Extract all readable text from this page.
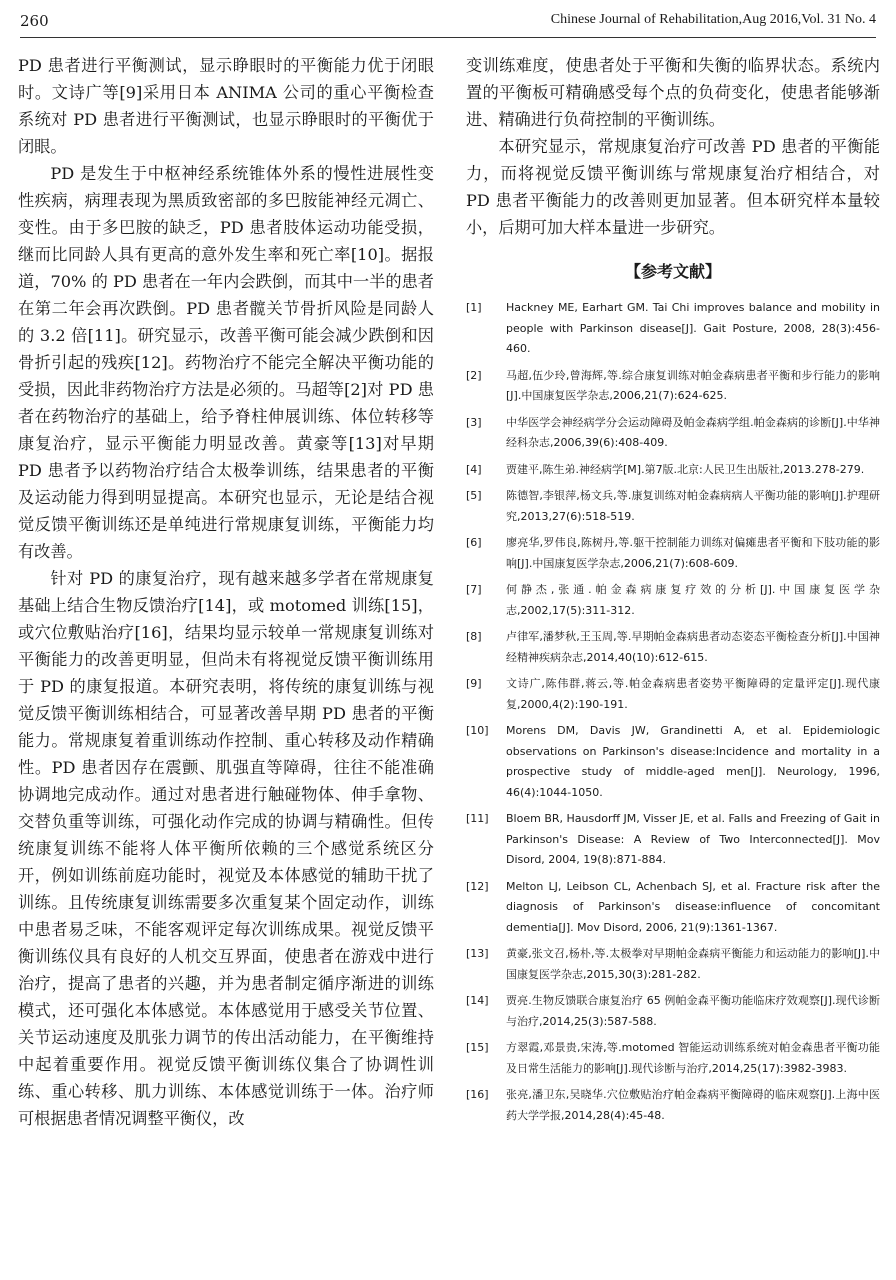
260	Chinese Journal of Rehabilitation,Aug 2016,Vol. 31 No. 4

PD 患者进行平衡测试，显示睁眼时的平衡能力优于闭眼时。文诗广等[9]采用日本 ANIMA 公司的重心平衡检查系统对 PD 患者进行平衡测试，也显示睁眼时的平衡优于闭眼。

PD 是发生于中枢神经系统锥体外系的慢性进展性变性疾病，病理表现为黑质致密部的多巴胺能神经元凋亡、变性。由于多巴胺的缺乏，PD 患者肢体运动功能受损，继而比同龄人具有更高的意外发生率和死亡率[10]。据报道，70% 的 PD 患者在一年内会跌倒，而其中一半的患者在第二年会再次跌倒。PD 患者髋关节骨折风险是同龄人的 3.2 倍[11]。研究显示，改善平衡可能会减少跌倒和因骨折引起的残疾[12]。药物治疗不能完全解决平衡功能的受损，因此非药物治疗方法是必须的。马超等[2]对 PD 患者在药物治疗的基础上，给予脊柱伸展训练、体位转移等康复治疗，显示平衡能力明显改善。黄豪等[13]对早期 PD 患者予以药物治疗结合太极拳训练，结果患者的平衡及运动能力得到明显提高。本研究也显示，无论是结合视觉反馈平衡训练还是单纯进行常规康复训练，平衡能力均有改善。

针对 PD 的康复治疗，现有越来越多学者在常规康复基础上结合生物反馈治疗[14]，或 motomed 训练[15]，或穴位敷贴治疗[16]，结果均显示较单一常规康复训练对平衡能力的改善更明显，但尚未有将视觉反馈平衡训练用于 PD 的康复报道。本研究表明，将传统的康复训练与视觉反馈平衡训练相结合，可显著改善早期 PD 患者的平衡能力。常规康复着重训练动作控制、重心转移及动作精确性。PD 患者因存在震颤、肌强直等障碍，往往不能准确协调地完成动作。通过对患者进行触碰物体、伸手拿物、交替负重等训练，可强化动作完成的协调与精确性。但传统康复训练不能将人体平衡所依赖的三个感觉系统区分开，例如训练前庭功能时，视觉及本体感觉的辅助干扰了训练。且传统康复训练需要多次重复某个固定动作，训练中患者易乏味，不能客观评定每次训练成果。视觉反馈平衡训练仪具有良好的人机交互界面，使患者在游戏中进行治疗，提高了患者的兴趣，并为患者制定循序渐进的训练模式，还可强化本体感觉。本体感觉用于感受关节位置、关节运动速度及肌张力调节的传出活动能力，在平衡维持中起着重要作用。视觉反馈平衡训练仪集合了协调性训练、重心转移、肌力训练、本体感觉训练于一体。治疗师可根据患者情况调整平衡仪，改

变训练难度，使患者处于平衡和失衡的临界状态。系统内置的平衡板可精确感受每个点的负荷变化，使患者能够渐进、精确进行负荷控制的平衡训练。

本研究显示，常规康复治疗可改善 PD 患者的平衡能力，而将视觉反馈平衡训练与常规康复治疗相结合，对 PD 患者平衡能力的改善则更加显著。但本研究样本量较小，后期可加大样本量进一步研究。

【参考文献】
[1] Hackney ME, Earhart GM. Tai Chi improves balance and mobility in people with Parkinson disease[J]. Gait Posture, 2008, 28(3):456-460.
[2] 马超,伍少玲,曾海辉,等.综合康复训练对帕金森病患者平衡和步行能力的影响[J].中国康复医学杂志,2006,21(7):624-625.
[3] 中华医学会神经病学分会运动障碍及帕金森病学组.帕金森病的诊断[J].中华神经科杂志,2006,39(6):408-409.
[4] 贾建平,陈生弟.神经病学[M].第7版.北京:人民卫生出版社,2013.278-279.
[5] 陈德智,李银萍,杨文兵,等.康复训练对帕金森病病人平衡功能的影响[J].护理研究,2013,27(6):518-519.
[6] 廖亮华,罗伟良,陈树丹,等.躯干控制能力训练对偏瘫患者平衡和下肢功能的影响[J].中国康复医学杂志,2006,21(7):608-609.
[7] 何静杰,张通.帕金森病康复疗效的分析[J].中国康复医学杂志,2002,17(5):311-312.
[8] 卢律军,潘梦秋,王玉周,等.早期帕金森病患者动态姿态平衡检查分析[J].中国神经精神疾病杂志,2014,40(10):612-615.
[9] 文诗广,陈伟群,蒋云,等.帕金森病患者姿势平衡障碍的定量评定[J].现代康复,2000,4(2):190-191.
[10] Morens DM, Davis JW, Grandinetti A, et al. Epidemiologic observations on Parkinson's disease:Incidence and mortality in a prospective study of middle-aged men[J]. Neurology, 1996, 46(4):1044-1050.
[11] Bloem BR, Hausdorff JM, Visser JE, et al. Falls and Freezing of Gait in Parkinson's Disease: A Review of Two Interconnected[J]. Mov Disord, 2004, 19(8):871-884.
[12] Melton LJ, Leibson CL, Achenbach SJ, et al. Fracture risk after the diagnosis of Parkinson's disease:influence of concomitant dementia[J]. Mov Disord, 2006, 21(9):1361-1367.
[13] 黄豪,张文召,杨朴,等.太极拳对早期帕金森病平衡能力和运动能力的影响[J].中国康复医学杂志,2015,30(3):281-282.
[14] 贾亮.生物反馈联合康复治疗 65 例帕金森平衡功能临床疗效观察[J].现代诊断与治疗,2014,25(3):587-588.
[15] 方翠霞,邓景贵,宋涛,等.motomed 智能运动训练系统对帕金森患者平衡功能及日常生活能力的影响[J].现代诊断与治疗,2014,25(17):3982-3983.
[16] 张亮,潘卫东,吴晓华.穴位敷贴治疗帕金森病平衡障碍的临床观察[J].上海中医药大学学报,2014,28(4):45-48.
